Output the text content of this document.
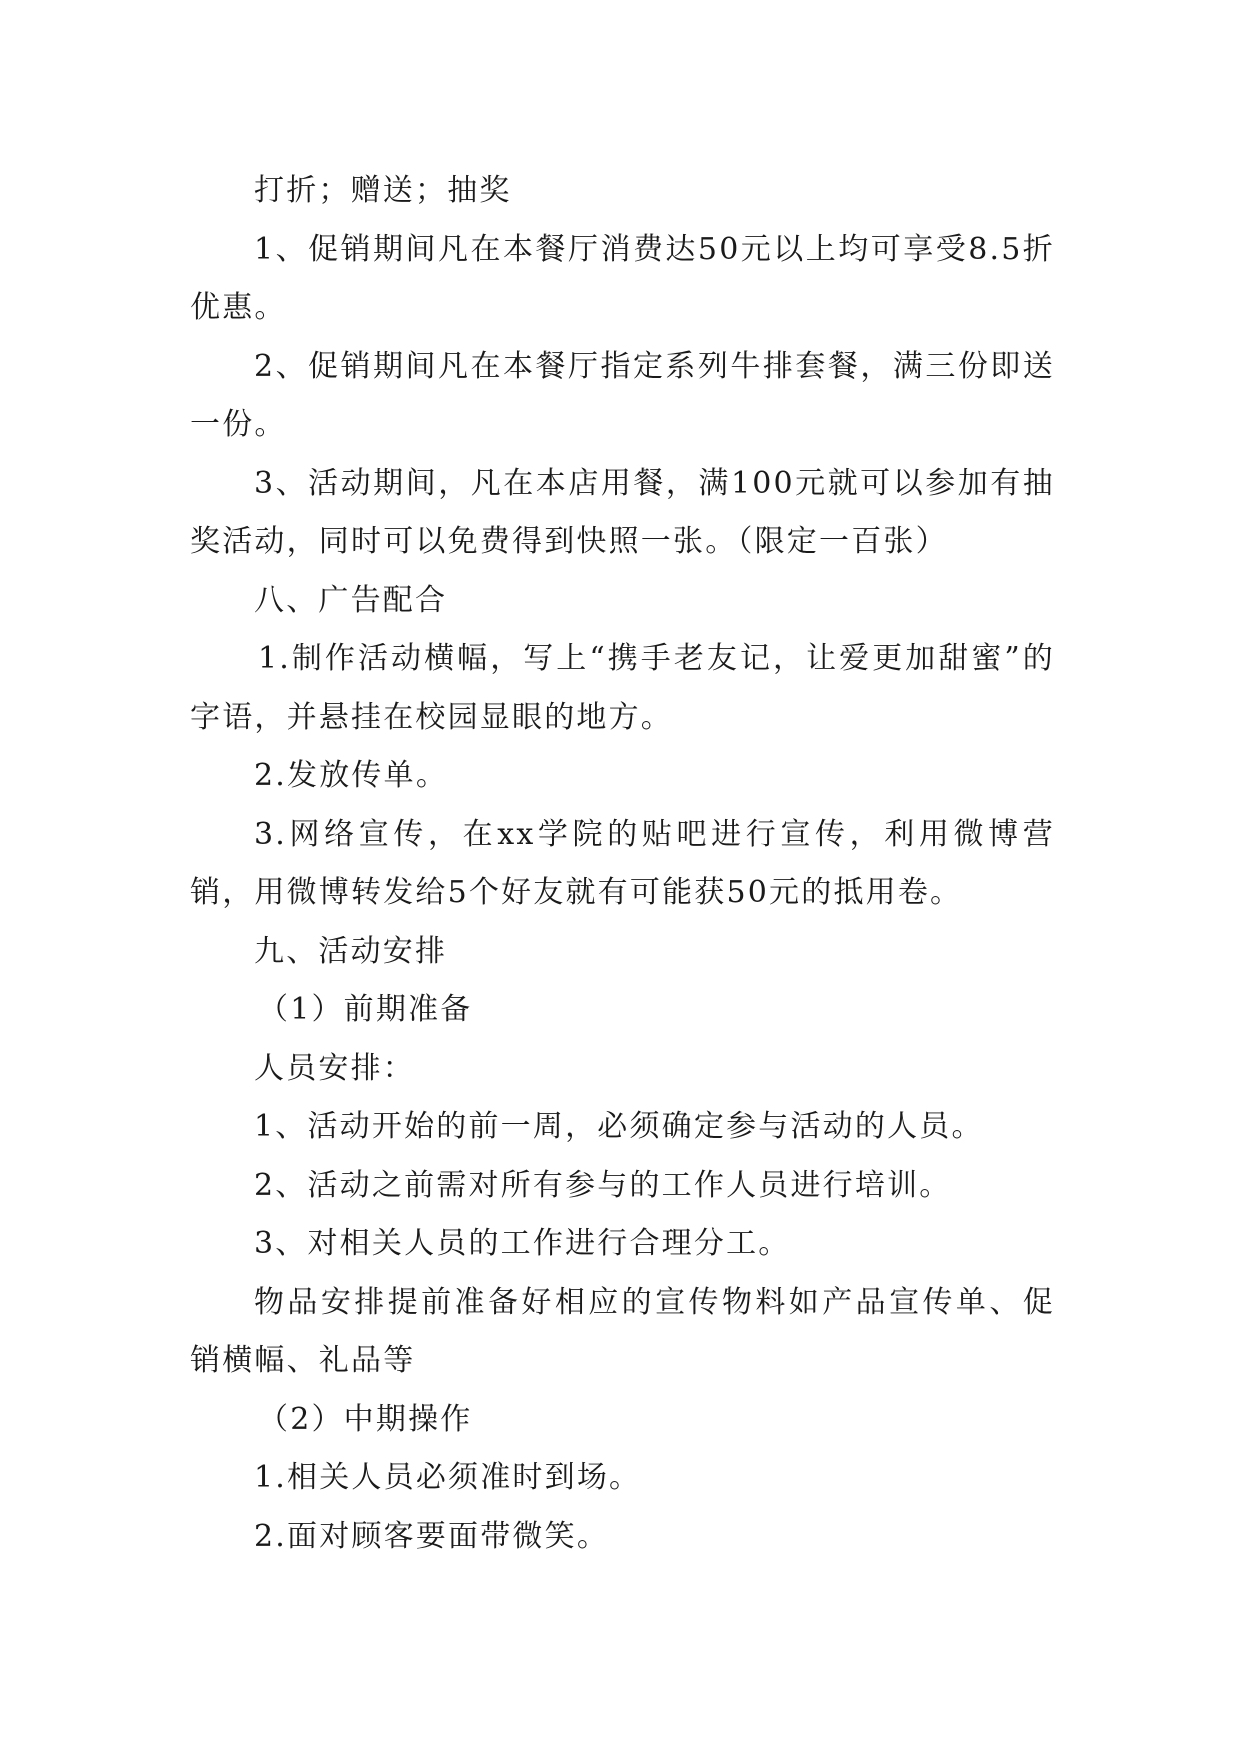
打折；赠送；抽奖

1、促销期间凡在本餐厅消费达50元以上均可享受8.5折优惠。

2、促销期间凡在本餐厅指定系列牛排套餐，满三份即送一份。

3、活动期间，凡在本店用餐，满100元就可以参加有抽奖活动，同时可以免费得到快照一张。（限定一百张）

八、广告配合

1.制作活动横幅，写上“携手老友记，让爱更加甜蜜”的字语，并悬挂在校园显眼的地方。

2.发放传单。

3.网络宣传，在xx学院的贴吧进行宣传，利用微博营销，用微博转发给5个好友就有可能获50元的抵用卷。

九、活动安排

（1）前期准备

人员安排：

1、活动开始的前一周，必须确定参与活动的人员。

2、活动之前需对所有参与的工作人员进行培训。

3、对相关人员的工作进行合理分工。

物品安排提前准备好相应的宣传物料如产品宣传单、促销横幅、礼品等

（2）中期操作

1.相关人员必须准时到场。

2.面对顾客要面带微笑。
